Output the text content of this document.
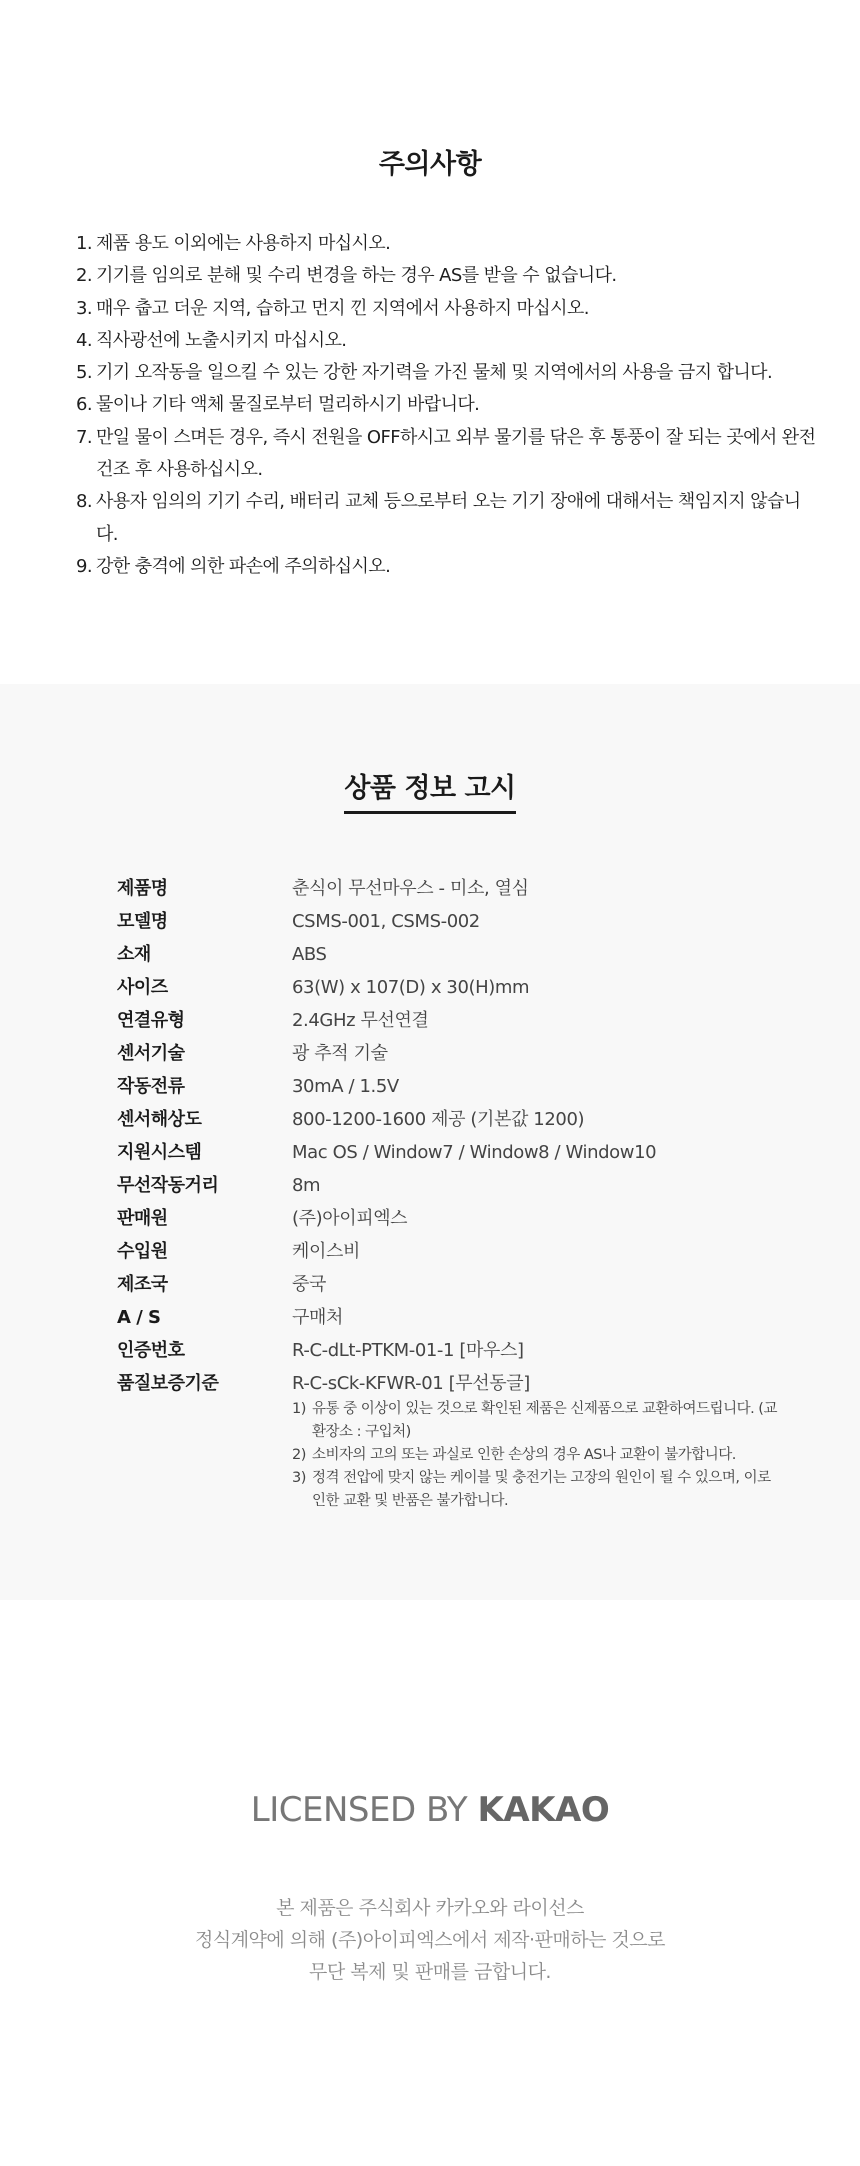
주의사항
1. 제품 용도 이외에는 사용하지 마십시오.
2. 기기를 임의로 분해 및 수리 변경을 하는 경우 AS를 받을 수 없습니다.
3. 매우 춥고 더운 지역, 습하고 먼지 낀 지역에서 사용하지 마십시오.
4. 직사광선에 노출시키지 마십시오.
5. 기기 오작동을 일으킬 수 있는 강한 자기력을 가진 물체 및 지역에서의 사용을 금지 합니다.
6. 물이나 기타 액체 물질로부터 멀리하시기 바랍니다.
7. 만일 물이 스며든 경우, 즉시 전원을 OFF하시고 외부 물기를 닦은 후 통풍이 잘 되는 곳에서 완전 건조 후 사용하십시오.
8. 사용자 임의의 기기 수리, 배터리 교체 등으로부터 오는 기기 장애에 대해서는 책임지지 않습니다.
9. 강한 충격에 의한 파손에 주의하십시오.
상품 정보 고시
제품명	춘식이 무선마우스 - 미소, 열심
모델명	CSMS-001, CSMS-002
소재	ABS
사이즈	63(W) x 107(D) x 30(H)mm
연결유형	2.4GHz 무선연결
센서기술	광 추적 기술
작동전류	30mA / 1.5V
센서해상도	800-1200-1600 제공 (기본값 1200)
지원시스템	Mac OS / Window7 / Window8 / Window10
무선작동거리	8m
판매원	(주)아이피엑스
수입원	케이스비
제조국	중국
A / S	구매처
인증번호	R-C-dLt-PTKM-01-1 [마우스]
품질보증기준	R-C-sCk-KFWR-01 [무선동글]
1) 유통 중 이상이 있는 것으로 확인된 제품은 신제품으로 교환하여드립니다. (교환장소 : 구입처)
2) 소비자의 고의 또는 과실로 인한 손상의 경우 AS나 교환이 불가합니다.
3) 정격 전압에 맞지 않는 케이블 및 충전기는 고장의 원인이 될 수 있으며, 이로 인한 교환 및 반품은 불가합니다.
LICENSED BY KAKAO
본 제품은 주식회사 카카오와 라이선스
정식계약에 의해 (주)아이피엑스에서 제작·판매하는 것으로
무단 복제 및 판매를 금합니다.
